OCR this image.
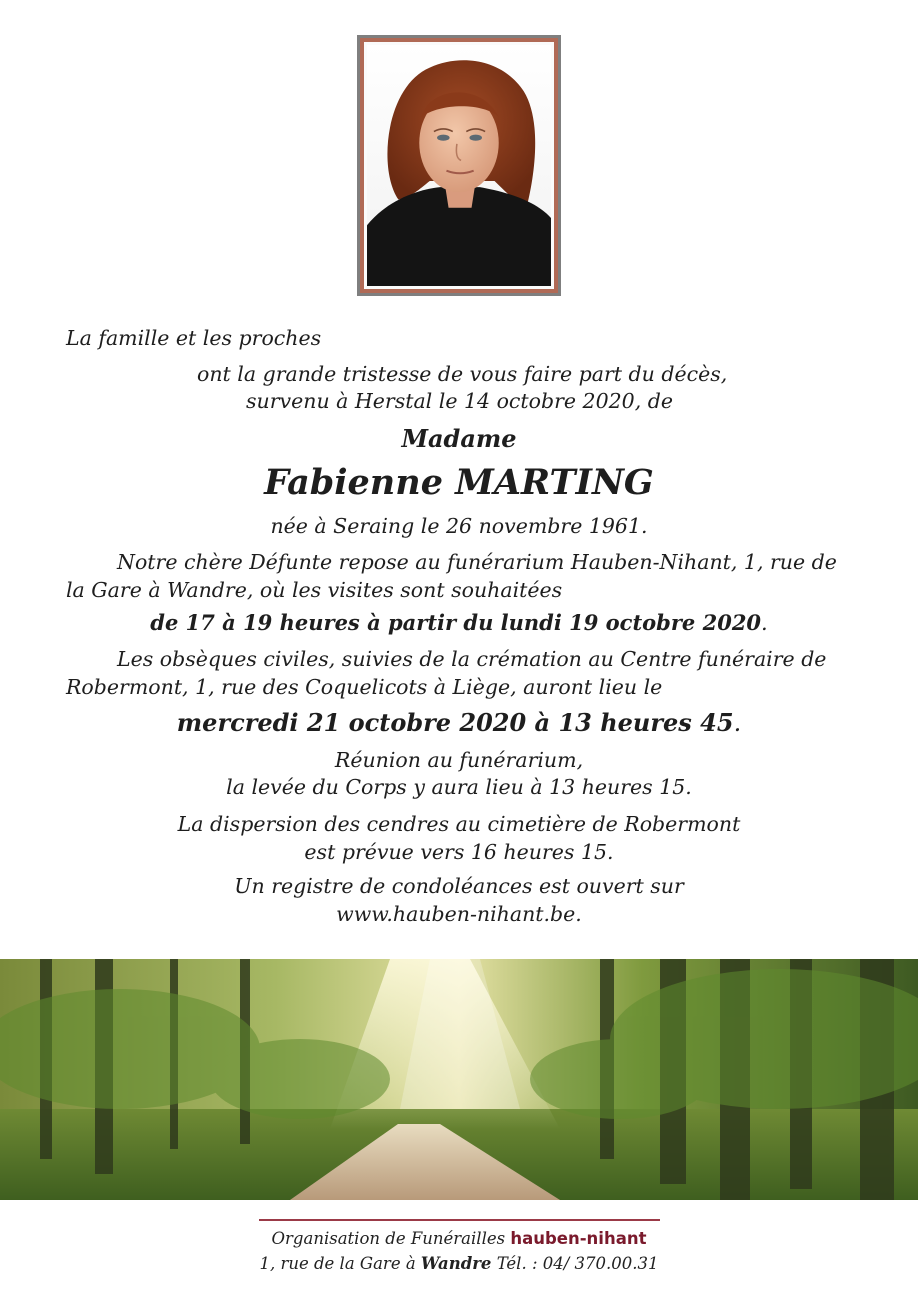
La famille et les proches
ont la grande tristesse de vous faire part du décès,
survenu à Herstal le 14 octobre 2020, de
Madame
Fabienne MARTING
née à Seraing le 26 novembre 1961.
Notre chère Défunte repose au funérarium Hauben-Nihant, 1, rue de
la Gare à Wandre, où les visites sont souhaitées
de 17 à 19 heures à partir du lundi 19 octobre 2020.
Les obsèques civiles, suivies de la crémation au Centre funéraire de
Robermont, 1, rue des Coquelicots à Liège, auront lieu le
mercredi 21 octobre 2020 à 13 heures 45.
Réunion au funérarium,
la levée du Corps y aura lieu à 13 heures 15.
La dispersion des cendres au cimetière de Robermont
est prévue vers 16 heures 15.
Un registre de condoléances est ouvert sur
www.hauben-nihant.be.
Organisation de Funérailles hauben-nihant
1, rue de la Gare à Wandre Tél. : 04/ 370.00.31
